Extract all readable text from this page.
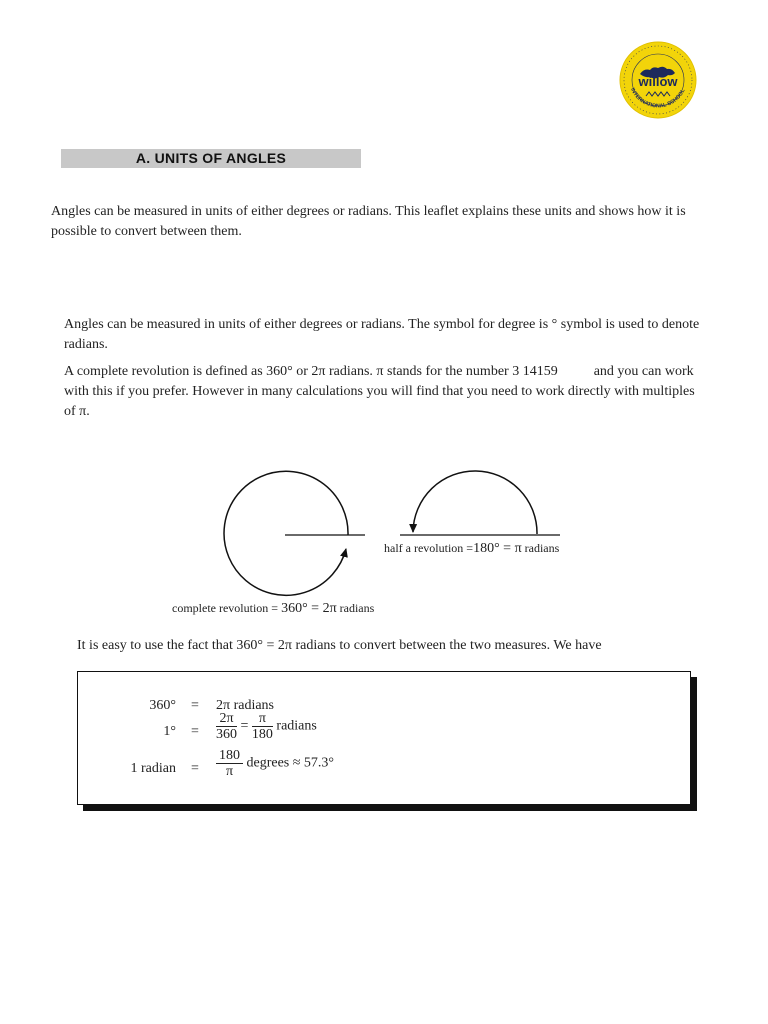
willow
INTERNATIONAL SCHOOL
A. UNITS OF ANGLES
Angles can be measured in units of either degrees or radians. This leaflet explains these units and shows how it is possible to convert between them.
Angles can be measured in units of either degrees or radians. The symbol for degree is ° symbol is used to denote radians.
A complete revolution is defined as 360° or 2π radians. π stands for the number 3 14159	and you can work with this if you prefer. However in many calculations you will find that you need to work directly with multiples of π.
half a revolution =180° = π radians
complete revolution = 360° = 2π radians
It is easy to use the fact that 360° = 2π radians to convert between the two measures. We have
360° = 2π radians
$1^\circ = \frac{2\pi}{360} = \frac{\pi}{180}$ radians
1 radian = $\frac{180}{\pi}$ degrees ≈ 57.3°
